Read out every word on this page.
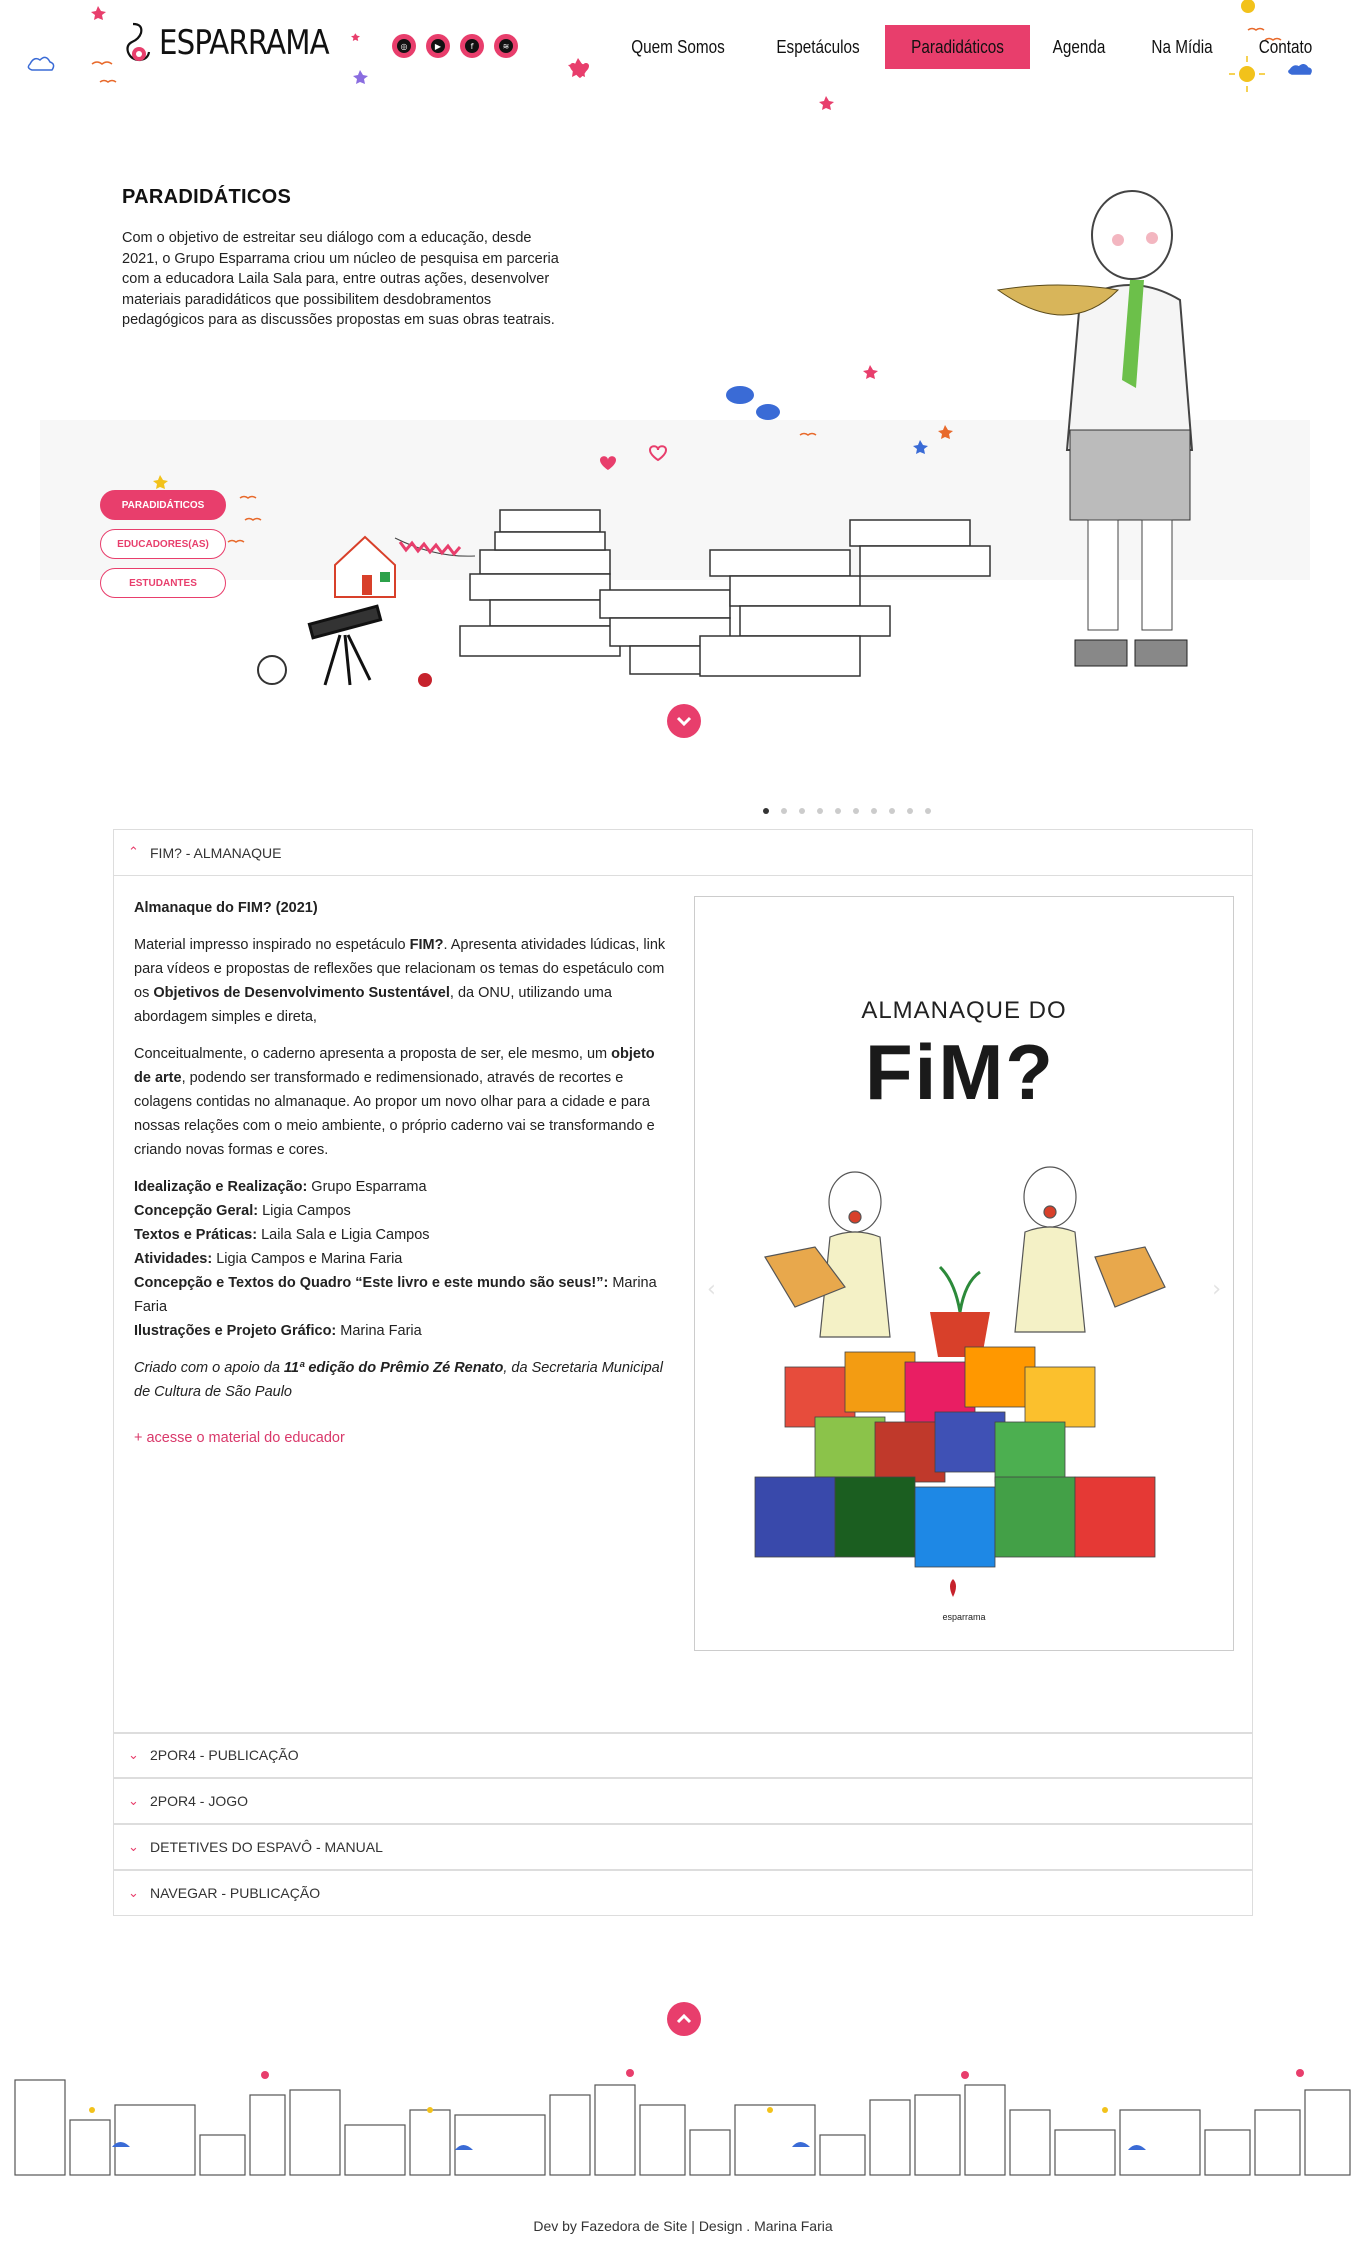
ESPARRAMA	◎	▶	f	≋	Quem Somos	Espetáculos	Paradidáticos	Agenda	Na Mídia	Contato
PARADIDÁTICOS

Com o objetivo de estreitar seu diálogo com a educação, desde 2021, o Grupo Esparrama criou um núcleo de pesquisa em parceria com a educadora Laila Sala para, entre outras ações, desenvolver materiais paradidáticos que possibilitem desdobramentos pedagógicos para as discussões propostas em suas obras teatrais.

PARADIDÁTICOS
EDUCADORES(AS)
ESTUDANTES
⌃ FIM? - ALMANAQUE

Almanaque do FIM? (2021)

Material impresso inspirado no espetáculo FIM?. Apresenta atividades lúdicas, link para vídeos e propostas de reflexões que relacionam os temas do espetáculo com os Objetivos de Desenvolvimento Sustentável, da ONU, utilizando uma abordagem simples e direta,

Conceitualmente, o caderno apresenta a proposta de ser, ele mesmo, um objeto de arte, podendo ser transformado e redimensionado, através de recortes e colagens contidas no almanaque. Ao propor um novo olhar para a cidade e para nossas relações com o meio ambiente, o próprio caderno vai se transformando e criando novas formas e cores.

Idealização e Realização: Grupo Esparrama
Concepção Geral: Ligia Campos
Textos e Práticas: Laila Sala e Ligia Campos
Atividades: Ligia Campos e Marina Faria
Concepção e Textos do Quadro “Este livro e este mundo são seus!”: Marina Faria
Ilustrações e Projeto Gráfico: Marina Faria

Criado com o apoio da 11ª edição do Prêmio Zé Renato, da Secretaria Municipal de Cultura de São Paulo

+ acesse o material do educador
ALMANAQUE DO
FiM?
esparrama
‹	›
⌄ 2POR4 - PUBLICAÇÃO
⌄ 2POR4 - JOGO
⌄ DETETIVES DO ESPAVÔ - MANUAL
⌄ NAVEGAR - PUBLICAÇÃO
Dev by Fazedora de Site | Design . Marina Faria
